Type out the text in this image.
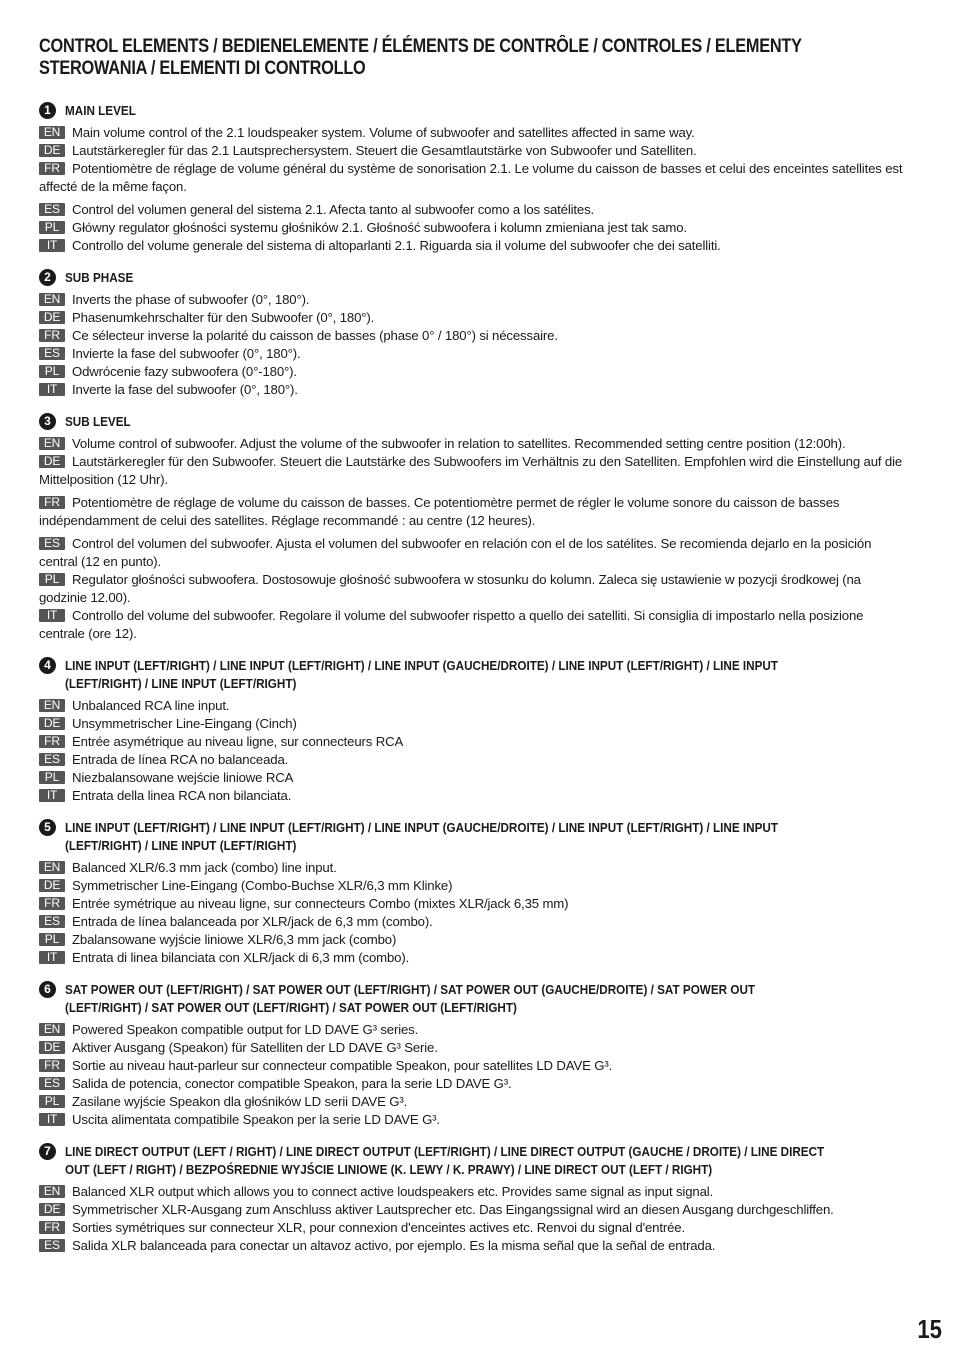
CONTROL ELEMENTS / BEDIENELEMENTE / ÉLÉMENTS DE CONTRÔLE / CONTROLES / ELEMENTY STEROWANIA / ELEMENTI DI CONTROLLO
1	MAIN LEVEL
EN Main volume control of the 2.1 loudspeaker system. Volume of subwoofer and satellites affected in same way.
DE Lautstärkeregler für das 2.1 Lautsprechersystem. Steuert die Gesamtlautstärke von Subwoofer und Satelliten.
FR Potentiomètre de réglage de volume général du système de sonorisation 2.1. Le volume du caisson de basses et celui des enceintes satellites est affecté de la même façon.
ES Control del volumen general del sistema 2.1. Afecta tanto al subwoofer como a los satélites.
PL Główny regulator głośności systemu głośników 2.1. Głośność subwoofera i kolumn zmieniana jest tak samo.
IT Controllo del volume generale del sistema di altoparlanti 2.1. Riguarda sia il volume del subwoofer che dei satelliti.
2	SUB PHASE
EN Inverts the phase of subwoofer (0°, 180°).
DE Phasenumkehrschalter für den Subwoofer (0°, 180°).
FR Ce sélecteur inverse la polarité du caisson de basses (phase 0° / 180°) si nécessaire.
ES Invierte la fase del subwoofer (0°, 180°).
PL Odwrócenie fazy subwoofera (0°-180°).
IT Inverte la fase del subwoofer (0°, 180°).
3	SUB LEVEL
EN Volume control of subwoofer. Adjust the volume of the subwoofer in relation to satellites. Recommended setting centre position (12:00h).
DE Lautstärkeregler für den Subwoofer. Steuert die Lautstärke des Subwoofers im Verhältnis zu den Satelliten. Empfohlen wird die Einstellung auf die Mittelposition (12 Uhr).
FR Potentiomètre de réglage de volume du caisson de basses. Ce potentiomètre permet de régler le volume sonore du caisson de basses indépendamment de celui des satellites. Réglage recommandé : au centre (12 heures).
ES Control del volumen del subwoofer. Ajusta el volumen del subwoofer en relación con el de los satélites. Se recomienda dejarlo en la posición central (12 en punto).
PL Regulator głośności subwoofera. Dostosowuje głośność subwoofera w stosunku do kolumn. Zaleca się ustawienie w pozycji środkowej (na godzinie 12.00).
IT Controllo del volume del subwoofer. Regolare il volume del subwoofer rispetto a quello dei satelliti. Si consiglia di impostarlo nella posizione centrale (ore 12).
4	LINE INPUT (LEFT/RIGHT) / LINE INPUT (LEFT/RIGHT) / LINE INPUT (GAUCHE/DROITE) / LINE INPUT (LEFT/RIGHT) / LINE INPUT (LEFT/RIGHT) / LINE INPUT (LEFT/RIGHT)
EN Unbalanced RCA line input.
DE Unsymmetrischer Line-Eingang (Cinch)
FR Entrée asymétrique au niveau ligne, sur connecteurs RCA
ES Entrada de línea RCA no balanceada.
PL Niezbalansowane wejście liniowe RCA
IT Entrata della linea RCA non bilanciata.
5	LINE INPUT (LEFT/RIGHT) / LINE INPUT (LEFT/RIGHT) / LINE INPUT (GAUCHE/DROITE) / LINE INPUT (LEFT/RIGHT) / LINE INPUT (LEFT/RIGHT) / LINE INPUT (LEFT/RIGHT)
EN Balanced XLR/6.3 mm jack (combo) line input.
DE Symmetrischer Line-Eingang (Combo-Buchse XLR/6,3 mm Klinke)
FR Entrée symétrique au niveau ligne, sur connecteurs Combo (mixtes XLR/jack 6,35 mm)
ES Entrada de línea balanceada por XLR/jack de 6,3 mm (combo).
PL Zbalansowane wyjście liniowe XLR/6,3 mm jack (combo)
IT Entrata di linea bilanciata con XLR/jack di 6,3 mm (combo).
6	SAT POWER OUT (LEFT/RIGHT) / SAT POWER OUT (LEFT/RIGHT) / SAT POWER OUT (GAUCHE/DROITE) / SAT POWER OUT (LEFT/RIGHT) / SAT POWER OUT (LEFT/RIGHT) / SAT POWER OUT (LEFT/RIGHT)
EN Powered Speakon compatible output for LD DAVE G³ series.
DE Aktiver Ausgang (Speakon) für Satelliten der LD DAVE G³ Serie.
FR Sortie au niveau haut-parleur sur connecteur compatible Speakon, pour satellites LD DAVE G³.
ES Salida de potencia, conector compatible Speakon, para la serie LD DAVE G³.
PL Zasilane wyjście Speakon dla głośników LD serii DAVE G³.
IT Uscita alimentata compatibile Speakon per la serie LD DAVE G³.
7	LINE DIRECT OUTPUT (LEFT / RIGHT) / LINE DIRECT OUTPUT (LEFT/RIGHT) / LINE DIRECT OUTPUT (GAUCHE / DROITE) / LINE DIRECT OUT (LEFT / RIGHT) / BEZPOŚREDNIE WYJŚCIE LINIOWE (K. LEWY / K. PRAWY) / LINE DIRECT OUT (LEFT / RIGHT)
EN Balanced XLR output which allows you to connect active loudspeakers etc. Provides same signal as input signal.
DE Symmetrischer XLR-Ausgang zum Anschluss aktiver Lautsprecher etc. Das Eingangssignal wird an diesen Ausgang durchgeschliffen.
FR Sorties symétriques sur connecteur XLR, pour connexion d'enceintes actives etc. Renvoi du signal d'entrée.
ES Salida XLR balanceada para conectar un altavoz activo, por ejemplo. Es la misma señal que la señal de entrada.
15
